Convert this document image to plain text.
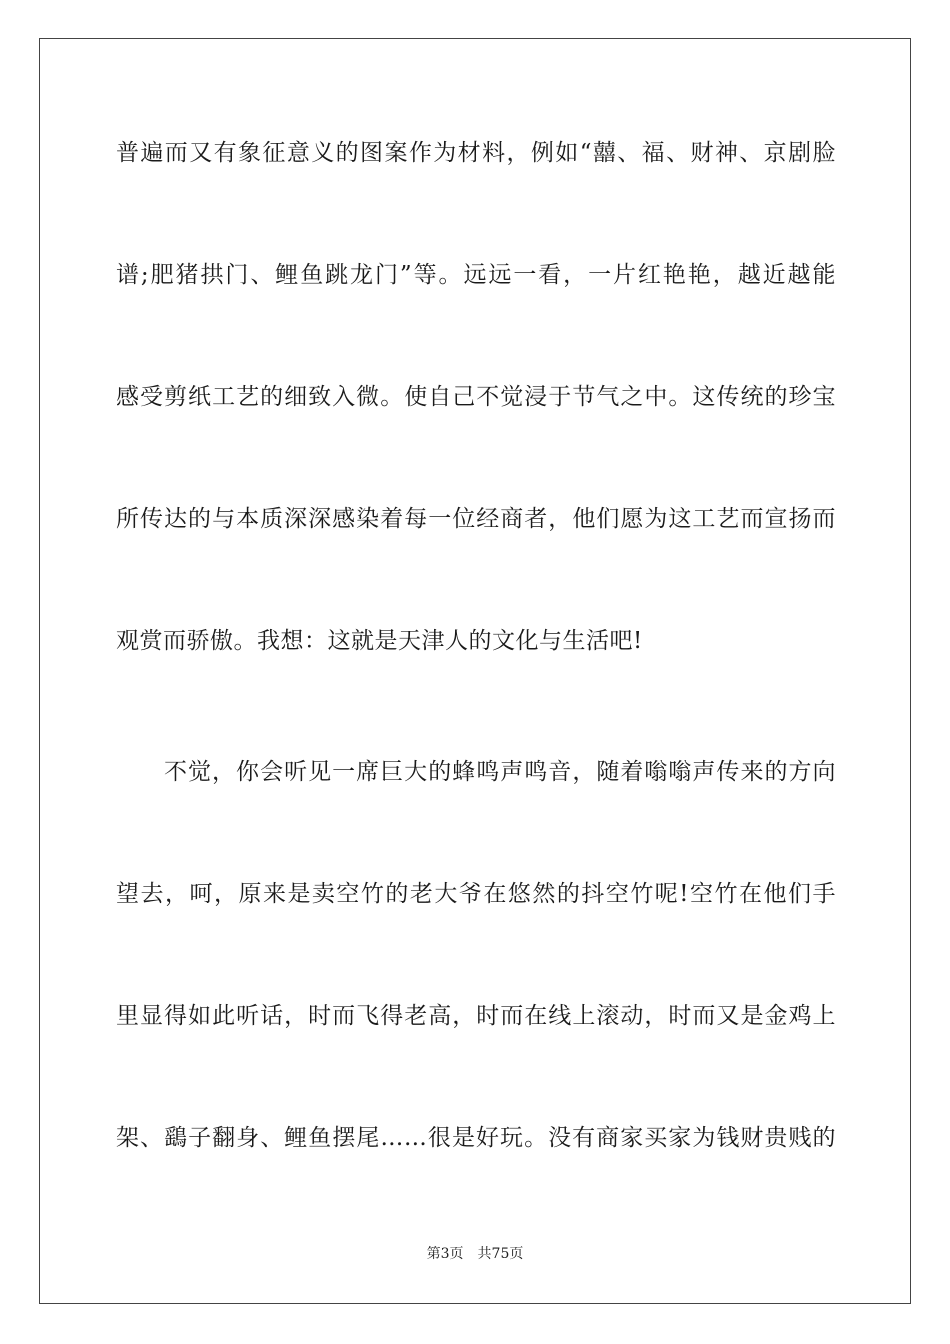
普遍而又有象征意义的图案作为材料，例如“囍、福、财神、京剧脸
谱;肥猪拱门、鲤鱼跳龙门”等。远远一看，一片红艳艳，越近越能
感受剪纸工艺的细致入微。使自己不觉浸于节气之中。这传统的珍宝
所传达的与本质深深感染着每一位经商者，他们愿为这工艺而宣扬而
观赏而骄傲。我想：这就是天津人的文化与生活吧!
不觉，你会听见一席巨大的蜂鸣声鸣音，随着嗡嗡声传来的方向
望去，呵，原来是卖空竹的老大爷在悠然的抖空竹呢!空竹在他们手
里显得如此听话，时而飞得老高，时而在线上滚动，时而又是金鸡上
架、鷂子翻身、鲤鱼摆尾……很是好玩。没有商家买家为钱财贵贱的
第3页 共75页
